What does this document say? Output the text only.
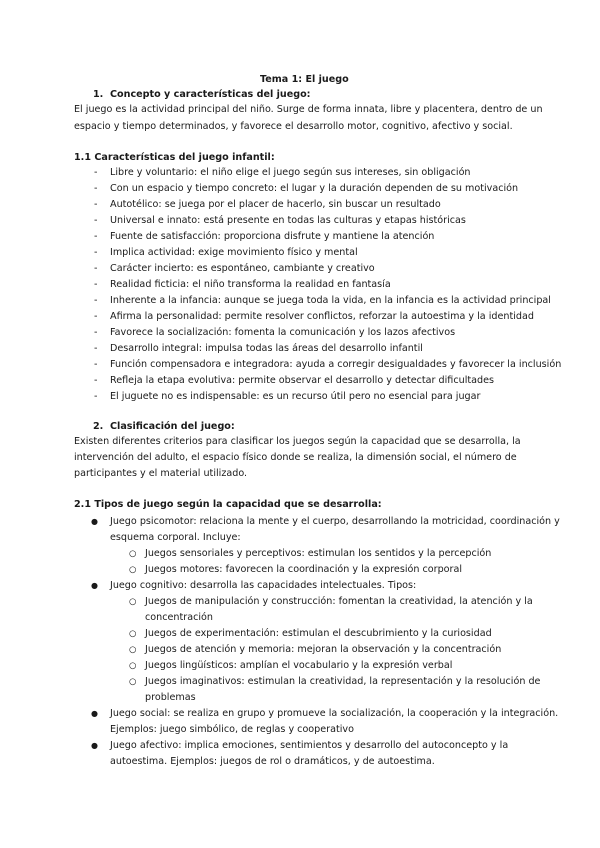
Tema 1: El juego
1. Concepto y características del juego:
El juego es la actividad principal del niño. Surge de forma innata, libre y placentera, dentro de un
espacio y tiempo determinados, y favorece el desarrollo motor, cognitivo, afectivo y social.
1.1 Características del juego infantil:
- Libre y voluntario: el niño elige el juego según sus intereses, sin obligación
- Con un espacio y tiempo concreto: el lugar y la duración dependen de su motivación
- Autotélico: se juega por el placer de hacerlo, sin buscar un resultado
- Universal e innato: está presente en todas las culturas y etapas históricas
- Fuente de satisfacción: proporciona disfrute y mantiene la atención
- Implica actividad: exige movimiento físico y mental
- Carácter incierto: es espontáneo, cambiante y creativo
- Realidad ficticia: el niño transforma la realidad en fantasía
- Inherente a la infancia: aunque se juega toda la vida, en la infancia es la actividad principal
- Afirma la personalidad: permite resolver conflictos, reforzar la autoestima y la identidad
- Favorece la socialización: fomenta la comunicación y los lazos afectivos
- Desarrollo integral: impulsa todas las áreas del desarrollo infantil
- Función compensadora e integradora: ayuda a corregir desigualdades y favorecer la inclusión
- Refleja la etapa evolutiva: permite observar el desarrollo y detectar dificultades
- El juguete no es indispensable: es un recurso útil pero no esencial para jugar
2. Clasificación del juego:
Existen diferentes criterios para clasificar los juegos según la capacidad que se desarrolla, la
intervención del adulto, el espacio físico donde se realiza, la dimensión social, el número de
participantes y el material utilizado.
2.1 Tipos de juego según la capacidad que se desarrolla:
● Juego psicomotor: relaciona la mente y el cuerpo, desarrollando la motricidad, coordinación y
esquema corporal. Incluye:
○ Juegos sensoriales y perceptivos: estimulan los sentidos y la percepción
○ Juegos motores: favorecen la coordinación y la expresión corporal
● Juego cognitivo: desarrolla las capacidades intelectuales. Tipos:
○ Juegos de manipulación y construcción: fomentan la creatividad, la atención y la
concentración
○ Juegos de experimentación: estimulan el descubrimiento y la curiosidad
○ Juegos de atención y memoria: mejoran la observación y la concentración
○ Juegos lingüísticos: amplían el vocabulario y la expresión verbal
○ Juegos imaginativos: estimulan la creatividad, la representación y la resolución de
problemas
● Juego social: se realiza en grupo y promueve la socialización, la cooperación y la integración.
Ejemplos: juego simbólico, de reglas y cooperativo
● Juego afectivo: implica emociones, sentimientos y desarrollo del autoconcepto y la
autoestima. Ejemplos: juegos de rol o dramáticos, y de autoestima.
